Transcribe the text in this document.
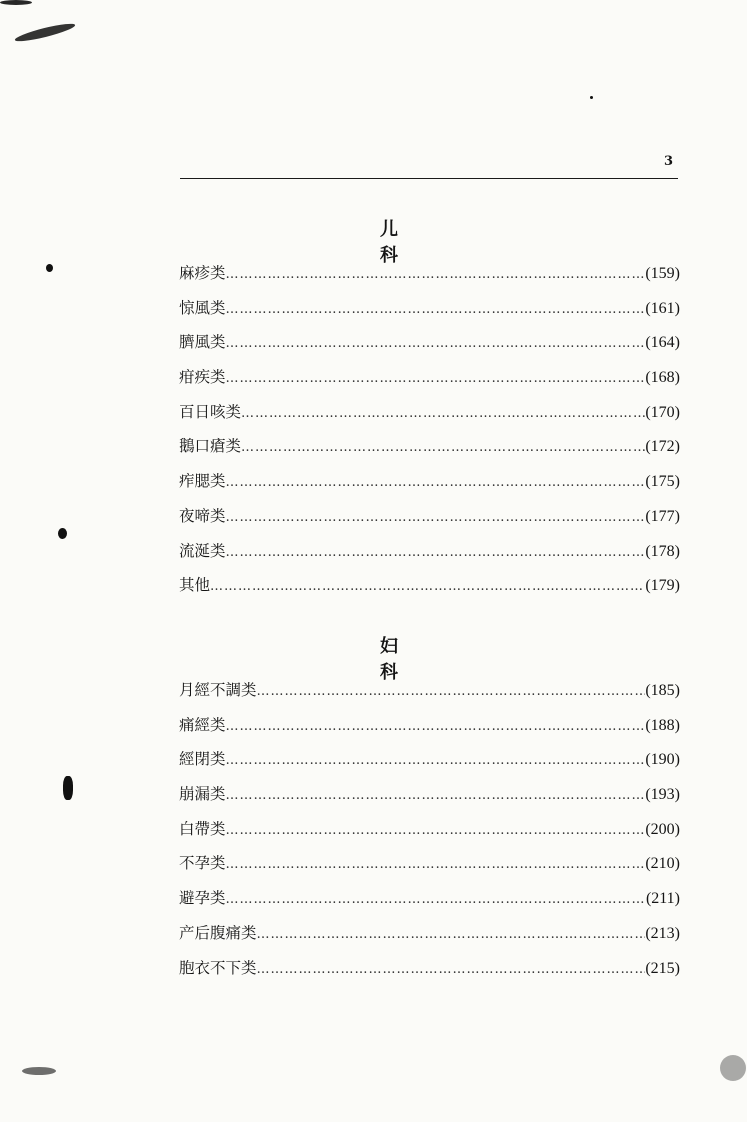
3
儿 科
麻疹类 ………………………………………………………………………………………………………………………………………………………………………………………………………………	(159)
惊風类 ………………………………………………………………………………………………………………………………………………………………………………………………………………	(161)
臍風类 ………………………………………………………………………………………………………………………………………………………………………………………………………………	(164)
疳疾类 ………………………………………………………………………………………………………………………………………………………………………………………………………………	(168)
百日咳类 ………………………………………………………………………………………………………………………………………………………………………………………………………………	(170)
鵝口瘡类 ………………………………………………………………………………………………………………………………………………………………………………………………………………	(172)
痄腮类 ………………………………………………………………………………………………………………………………………………………………………………………………………………	(175)
夜啼类 ………………………………………………………………………………………………………………………………………………………………………………………………………………	(177)
流涎类 ………………………………………………………………………………………………………………………………………………………………………………………………………………	(178)
其他 ………………………………………………………………………………………………………………………………………………………………………………………………………………	(179)
妇 科
月經不調类 ………………………………………………………………………………………………………………………………………………………………………………………………………………	(185)
痛經类 ………………………………………………………………………………………………………………………………………………………………………………………………………………	(188)
經閉类 ………………………………………………………………………………………………………………………………………………………………………………………………………………	(190)
崩漏类 ………………………………………………………………………………………………………………………………………………………………………………………………………………	(193)
白帶类 ………………………………………………………………………………………………………………………………………………………………………………………………………………	(200)
不孕类 ………………………………………………………………………………………………………………………………………………………………………………………………………………	(210)
避孕类 ………………………………………………………………………………………………………………………………………………………………………………………………………………	(211)
产后腹痛类 ………………………………………………………………………………………………………………………………………………………………………………………………………………	(213)
胞衣不下类 ………………………………………………………………………………………………………………………………………………………………………………………………………………	(215)
